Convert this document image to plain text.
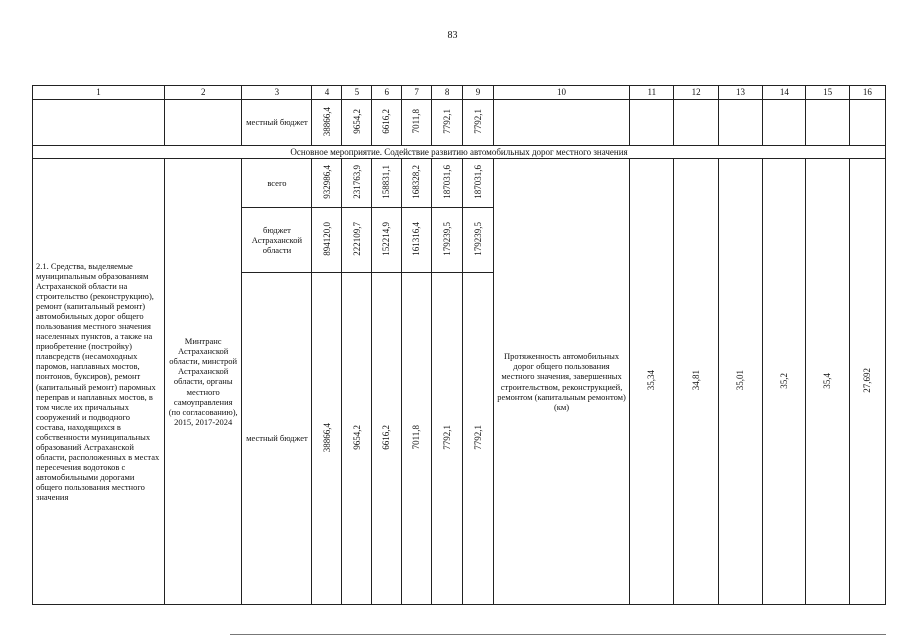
83
1	2	3	4	5	6	7	8	9	10	11	12	13	14	15	16
		местный бюджет	38866,4	9654,2	6616,2	7011,8	7792,1	7792,1							
Основное мероприятие. Содействие развитию автомобильных дорог местного значения															
2.1. Средства, выделяемые муниципальным образованиям Астраханской области на строительство (реконструкцию), ремонт (капитальный ремонт) автомобильных дорог общего пользования местного значения населенных пунктов, а также на приобретение (постройку) плавсредств (несамоходных паромов, наплавных мостов, понтонов, буксиров), ремонт (капитальный ремонт) паромных переправ и наплавных мостов, в том числе их причальных сооружений и подводного состава, находящихся в собственности муниципальных образований Астраханской области, расположенных в местах пересечения водотоков с автомобильными дорогами общего пользования местного значения	Минтранс Астраханской области, минстрой Астраханской области, органы местного самоуправления (по согласованию), 2015, 2017-2024	всего	932986,4	231763,9	158831,1	168328,2	187031,6	187031,6	Протяженность автомобильных дорог общего пользования местного значения, завершенных строительством, реконструкцией, ремонтом (капитальным ремонтом) (км)	35,34	34,81	35,01	35,2	35,4	27,692
		бюджет Астраханской области	894120,0	222109,7	152214,9	161316,4	179239,5	179239,5							
		местный бюджет	38866,4	9654,2	6616,2	7011,8	7792,1	7792,1							
